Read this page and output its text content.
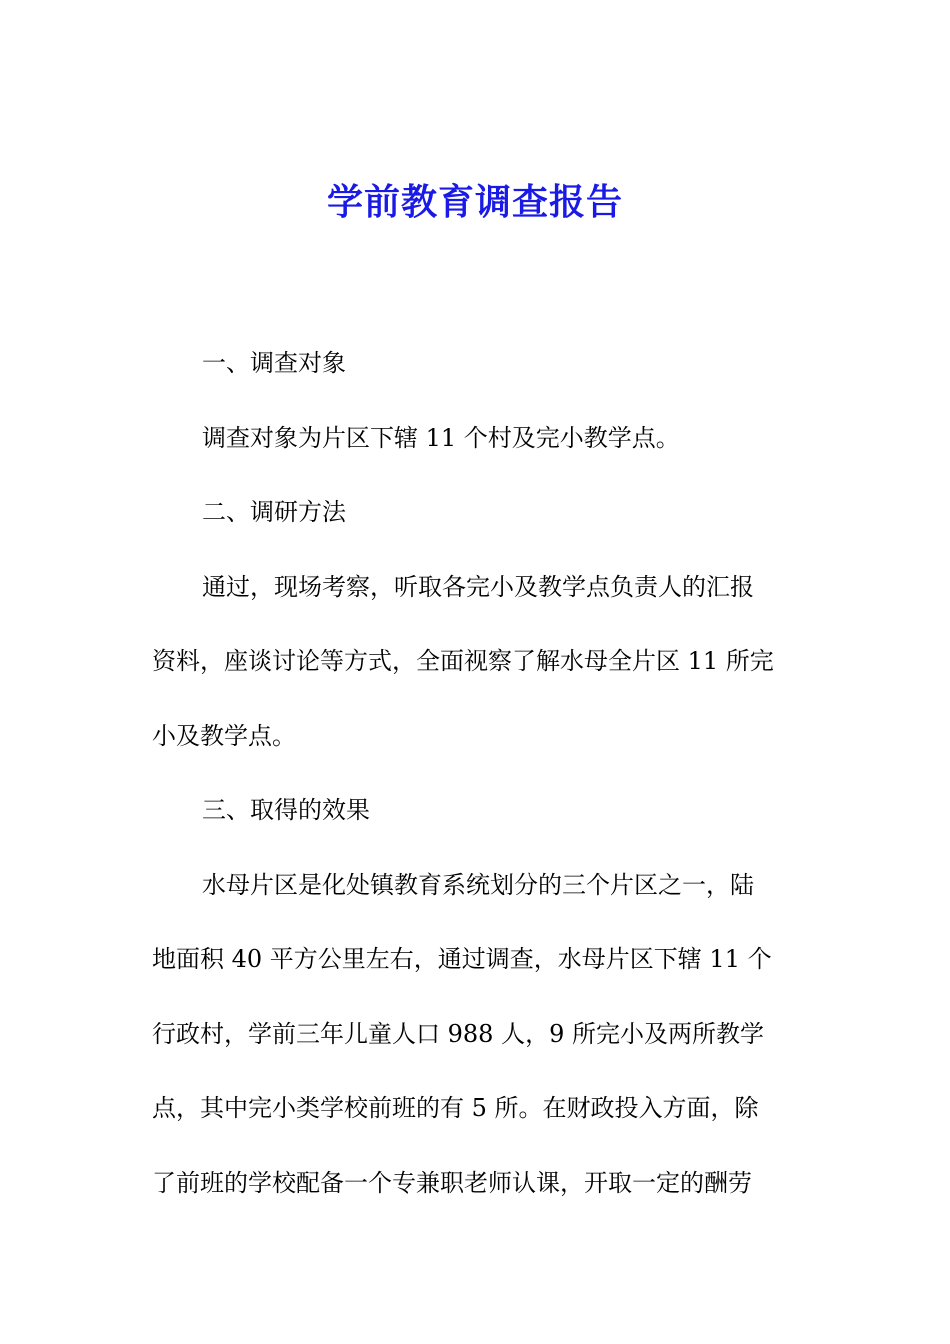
学前教育调查报告

一、调查对象

调查对象为片区下辖 11 个村及完小教学点。

二、调研方法

通过，现场考察，听取各完小及教学点负责人的汇报

资料，座谈讨论等方式，全面视察了解水母全片区 11 所完

小及教学点。

三、取得的效果

水母片区是化处镇教育系统划分的三个片区之一，陆

地面积 40 平方公里左右，通过调查，水母片区下辖 11 个

行政村，学前三年儿童人口 988 人，9 所完小及两所教学

点，其中完小类学校前班的有 5 所。在财政投入方面，除

了前班的学校配备一个专兼职老师认课，开取一定的酬劳
